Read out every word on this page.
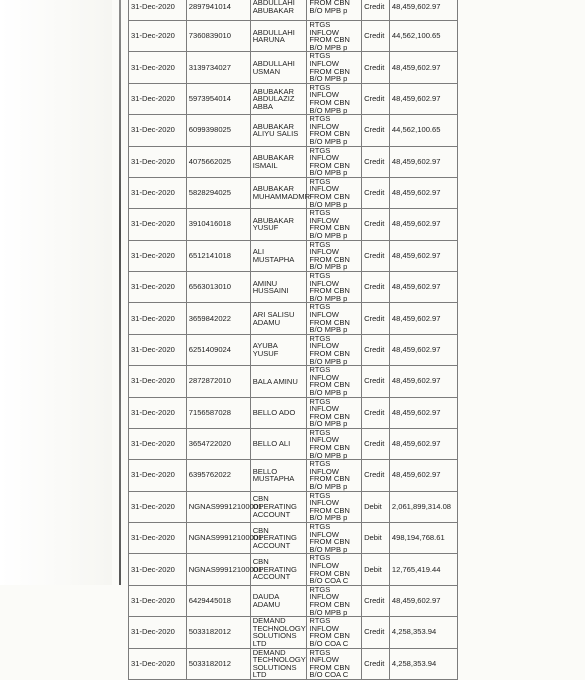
31-Dec-2020	2897941014	ABDULLAHI ABUBAKAR	FROM CBN B/O MPB p	Credit	48,459,602.97
31-Dec-2020	7360839010	ABDULLAHI HARUNA	RTGS INFLOW FROM CBN B/O MPB p	Credit	44,562,100.65
31-Dec-2020	3139734027	ABDULLAHI USMAN	RTGS INFLOW FROM CBN B/O MPB p	Credit	48,459,602.97
31-Dec-2020	5973954014	ABUBAKAR ABDULAZIZ ABBA	RTGS INFLOW FROM CBN B/O MPB p	Credit	48,459,602.97
31-Dec-2020	6099398025	ABUBAKAR ALIYU SALIS	RTGS INFLOW FROM CBN B/O MPB p	Credit	44,562,100.65
31-Dec-2020	4075662025	ABUBAKAR ISMAIL	RTGS INFLOW FROM CBN B/O MPB p	Credit	48,459,602.97
31-Dec-2020	5828294025	ABUBAKAR MUHAMMADMR	RTGS INFLOW FROM CBN B/O MPB p	Credit	48,459,602.97
31-Dec-2020	3910416018	ABUBAKAR YUSUF	RTGS INFLOW FROM CBN B/O MPB p	Credit	48,459,602.97
31-Dec-2020	6512141018	ALI MUSTAPHA	RTGS INFLOW FROM CBN B/O MPB p	Credit	48,459,602.97
31-Dec-2020	6563013010	AMINU HUSSAINI	RTGS INFLOW FROM CBN B/O MPB p	Credit	48,459,602.97
31-Dec-2020	3659842022	ARI SALISU ADAMU	RTGS INFLOW FROM CBN B/O MPB p	Credit	48,459,602.97
31-Dec-2020	6251409024	AYUBA YUSUF	RTGS INFLOW FROM CBN B/O MPB p	Credit	48,459,602.97
31-Dec-2020	2872872010	BALA AMINU	RTGS INFLOW FROM CBN B/O MPB p	Credit	48,459,602.97
31-Dec-2020	7156587028	BELLO ADO	RTGS INFLOW FROM CBN B/O MPB p	Credit	48,459,602.97
31-Dec-2020	3654722020	BELLO ALI	RTGS INFLOW FROM CBN B/O MPB p	Credit	48,459,602.97
31-Dec-2020	6395762022	BELLO MUSTAPHA	RTGS INFLOW FROM CBN B/O MPB p	Credit	48,459,602.97
31-Dec-2020	NGNAS99912100001	CBN OPERATING ACCOUNT	RTGS INFLOW FROM CBN B/O MPB p	Debit	2,061,899,314.08
31-Dec-2020	NGNAS99912100001	CBN OPERATING ACCOUNT	RTGS INFLOW FROM CBN B/O MPB p	Debit	498,194,768.61
31-Dec-2020	NGNAS99912100001	CBN OPERATING ACCOUNT	RTGS INFLOW FROM CBN B/O COA C	Debit	12,765,419.44
31-Dec-2020	6429445018	DAUDA ADAMU	RTGS INFLOW FROM CBN B/O MPB p	Credit	48,459,602.97
31-Dec-2020	5033182012	DEMAND TECHNOLOGY SOLUTIONS LTD	RTGS INFLOW FROM CBN B/O COA C	Credit	4,258,353.94
31-Dec-2020	5033182012	DEMAND TECHNOLOGY SOLUTIONS LTD	RTGS INFLOW FROM CBN B/O COA C	Credit	4,258,353.94
